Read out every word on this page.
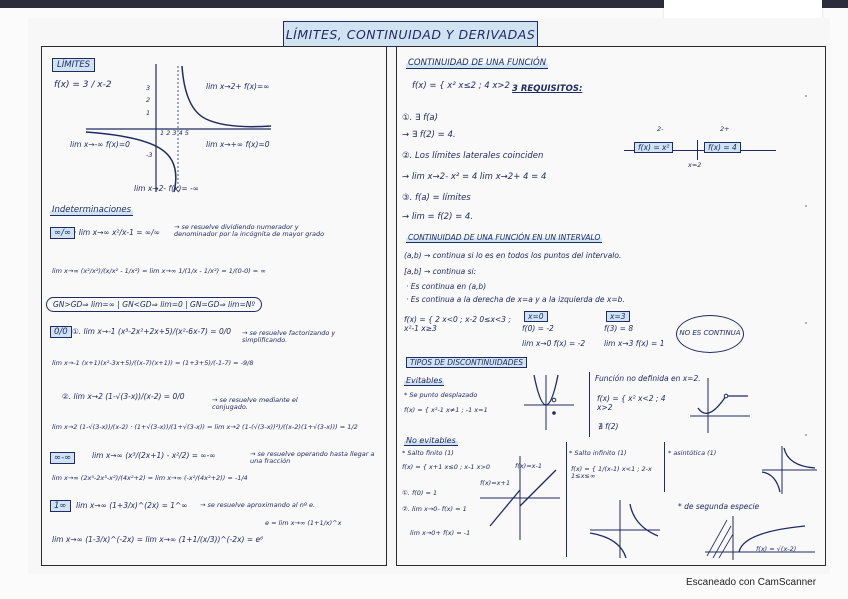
LÍMITES, CONTINUIDAD Y DERIVADAS
LÍMITES
f(x) = 3 / x-2	3
2
1
-3
1 2 3 4 5
lim x→2+ f(x)=∞
lim x→-∞ f(x)=0	lim x→+∞ f(x)=0
lim x→2- f(x)= -∞
Indeterminaciones
∞/∞ · lim x→∞ x²/x-1 = ∞/∞
→ se resuelve dividiendo numerador y denominador por la incógnita de mayor grado
lim x→∞ (x²/x²)/(x/x² - 1/x²) = lim x→∞ 1/(1/x - 1/x²) = 1/(0-0) = ∞
GN>GD⇒ lim=∞ | GN<GD⇒ lim=0 | GN=GD⇒ lim=Nº
0/0 ①. lim x→-1 (x³-2x²+2x+5)/(x²-6x-7) = 0/0 → se resuelve factorizando y simplificando.
lim x→-1 (x+1)(x²-3x+5)/((x-7)(x+1)) = (1+3+5)/(-1-7) = -9/8
②. lim x→2 (1-√(3-x))/(x-2) = 0/0	→ se resuelve mediante el conjugado.
lim x→2 (1-√(3-x))/(x-2) · (1+√(3-x))/(1+√(3-x)) = lim x→2 (1-(√(3-x))²)/((x-2)(1+√(3-x))) = 1/2
∞-∞	lim x→∞ (x³/(2x+1) - x²/2) = ∞-∞	→ se resuelve operando hasta llegar a una fracción
lim x→∞ (2x³-2x³-x²)/(4x²+2) = lim x→∞ (-x²/(4x²+2)) = -1/4
1∞	lim x→∞ (1+3/x)^(2x) = 1^∞ → se resuelve aproximando al nº e.
e = lim x→∞ (1+1/x)^x
lim x→∞ (1-3/x)^(-2x) = lim x→∞ (1+1/(x/3))^(-2x) = e⁶
CONTINUIDAD DE UNA FUNCIÓN
f(x) = { x² x≤2 ; 4 x>2 3 REQUISITOS:
①. ∃ f(a)
→ ∃ f(2) = 4.
②. Los límites laterales coinciden
→ lim x→2- x² = 4 lim x→2+ 4 = 4
③. f(a) = límites
→ lim = f(2) = 4.
2-	2+
f(x) = x²	f(x) = 4
x=2
CONTINUIDAD DE UNA FUNCIÓN EN UN INTERVALO
(a,b) → continua si lo es en todos los puntos del intervalo.
[a,b] → continua si:
· Es continua en (a,b)
· Es continua a la derecha de x=a y a la izquierda de x=b.
f(x) = { 2 x<0 ; x-2 0≤x<3 ; x²-1 x≥3
x=0
f(0) = -2
lim x→0 f(x) = -2
x=3
f(3) = 8
lim x→3 f(x) = 1
NO ES CONTINUA
TIPOS DE DISCONTINUIDADES
Evitables
* Se punto desplazado
f(x) = { x²-1 x≠1 ; -1 x=1
Función no definida en x=2.
f(x) = { x² x<2 ; 4 x>2
∄ f(2)
No evitables
* Salto finito (1)
f(x) = { x+1 x≤0 ; x-1 x>0
①. f(0) = 1
②. lim x→0- f(x) = 1
lim x→0+ f(x) = -1
f(x)=x-1
f(x)=x+1
* Salto infinito (1)
f(x) = { 1/(x-1) x<1 ; 2-x 1≤x≤∞
* asintótica (1)
* de segunda especie
f(x) = √(x-2)
Escaneado con CamScanner
